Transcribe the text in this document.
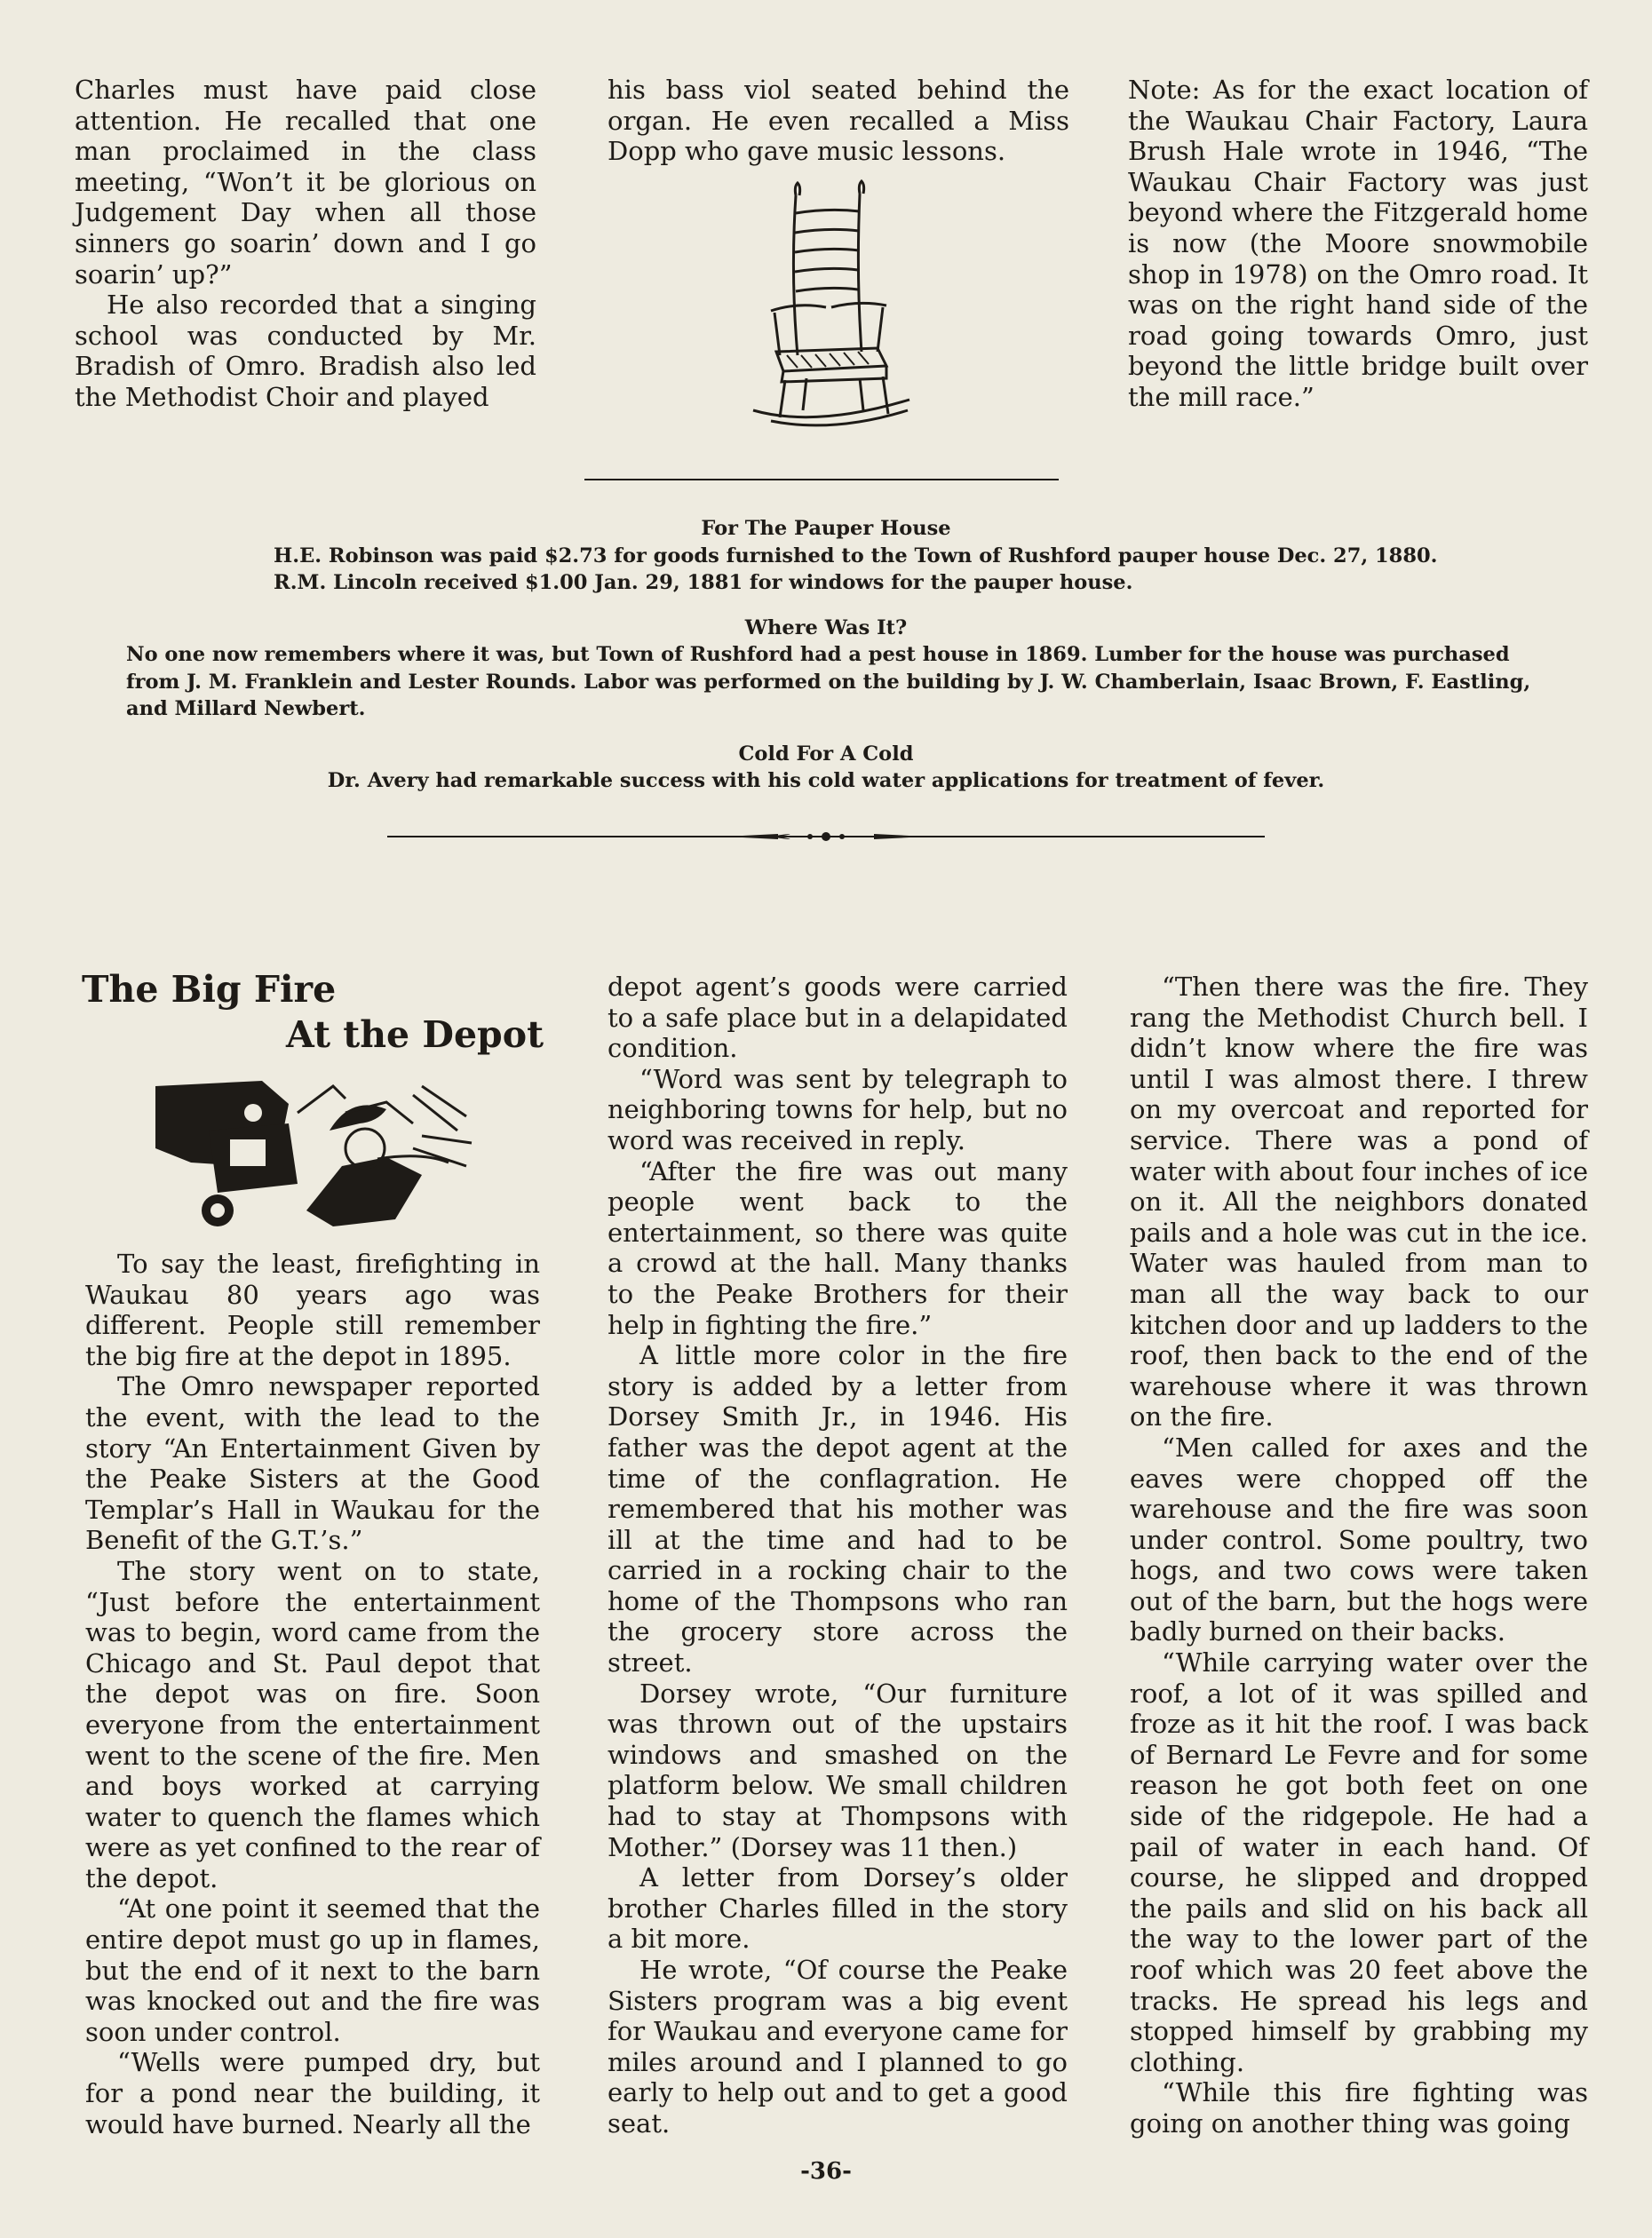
Charles must have paid close attention. He recalled that one man proclaimed in the class meeting, “Won’t it be glorious on Judgement Day when all those sinners go soarin’ down and I go soarin’ up?”

He also recorded that a singing school was conducted by Mr. Bradish of Omro. Bradish also led the Methodist Choir and played

his bass viol seated behind the organ. He even recalled a Miss Dopp who gave music lessons.

Note: As for the exact location of the Waukau Chair Factory, Laura Brush Hale wrote in 1946, “The Waukau Chair Factory was just beyond where the Fitzgerald home is now (the Moore snowmobile shop in 1978) on the Omro road. It was on the right hand side of the road going towards Omro, just beyond the little bridge built over the mill race.”

For The Pauper House

H.E. Robinson was paid $2.73 for goods furnished to the Town of Rushford pauper house Dec. 27, 1880.

R.M. Lincoln received $1.00 Jan. 29, 1881 for windows for the pauper house.

Where Was It?

No one now remembers where it was, but Town of Rushford had a pest house in 1869. Lumber for the house was purchased from J. M. Franklein and Lester Rounds. Labor was performed on the building by J. W. Chamberlain, Isaac Brown, F. Eastling, and Millard Newbert.

Cold For A Cold

Dr. Avery had remarkable success with his cold water applications for treatment of fever.

The Big Fire
At the Depot

To say the least, firefighting in Waukau 80 years ago was different. People still remember the big fire at the depot in 1895.

The Omro newspaper reported the event, with the lead to the story “An Entertainment Given by the Peake Sisters at the Good Templar’s Hall in Waukau for the Benefit of the G.T.’s.”

The story went on to state, “Just before the entertainment was to begin, word came from the Chicago and St. Paul depot that the depot was on fire. Soon everyone from the entertainment went to the scene of the fire. Men and boys worked at carrying water to quench the flames which were as yet confined to the rear of the depot.

“At one point it seemed that the entire depot must go up in flames, but the end of it next to the barn was knocked out and the fire was soon under control.

“Wells were pumped dry, but for a pond near the building, it would have burned. Nearly all the

depot agent’s goods were carried to a safe place but in a delapidated condition.

“Word was sent by telegraph to neighboring towns for help, but no word was received in reply.

“After the fire was out many people went back to the entertainment, so there was quite a crowd at the hall. Many thanks to the Peake Brothers for their help in fighting the fire.”

A little more color in the fire story is added by a letter from Dorsey Smith Jr., in 1946. His father was the depot agent at the time of the conflagration. He remembered that his mother was ill at the time and had to be carried in a rocking chair to the home of the Thompsons who ran the grocery store across the street.

Dorsey wrote, “Our furniture was thrown out of the upstairs windows and smashed on the platform below. We small children had to stay at Thompsons with Mother.” (Dorsey was 11 then.)

A letter from Dorsey’s older brother Charles filled in the story a bit more.

He wrote, “Of course the Peake Sisters program was a big event for Waukau and everyone came for miles around and I planned to go early to help out and to get a good seat.

“Then there was the fire. They rang the Methodist Church bell. I didn’t know where the fire was until I was almost there. I threw on my overcoat and reported for service. There was a pond of water with about four inches of ice on it. All the neighbors donated pails and a hole was cut in the ice. Water was hauled from man to man all the way back to our kitchen door and up ladders to the roof, then back to the end of the warehouse where it was thrown on the fire.

“Men called for axes and the eaves were chopped off the warehouse and the fire was soon under control. Some poultry, two hogs, and two cows were taken out of the barn, but the hogs were badly burned on their backs.

“While carrying water over the roof, a lot of it was spilled and froze as it hit the roof. I was back of Bernard Le Fevre and for some reason he got both feet on one side of the ridgepole. He had a pail of water in each hand. Of course, he slipped and dropped the pails and slid on his back all the way to the lower part of the roof which was 20 feet above the tracks. He spread his legs and stopped himself by grabbing my clothing.

“While this fire fighting was going on another thing was going

-36-
